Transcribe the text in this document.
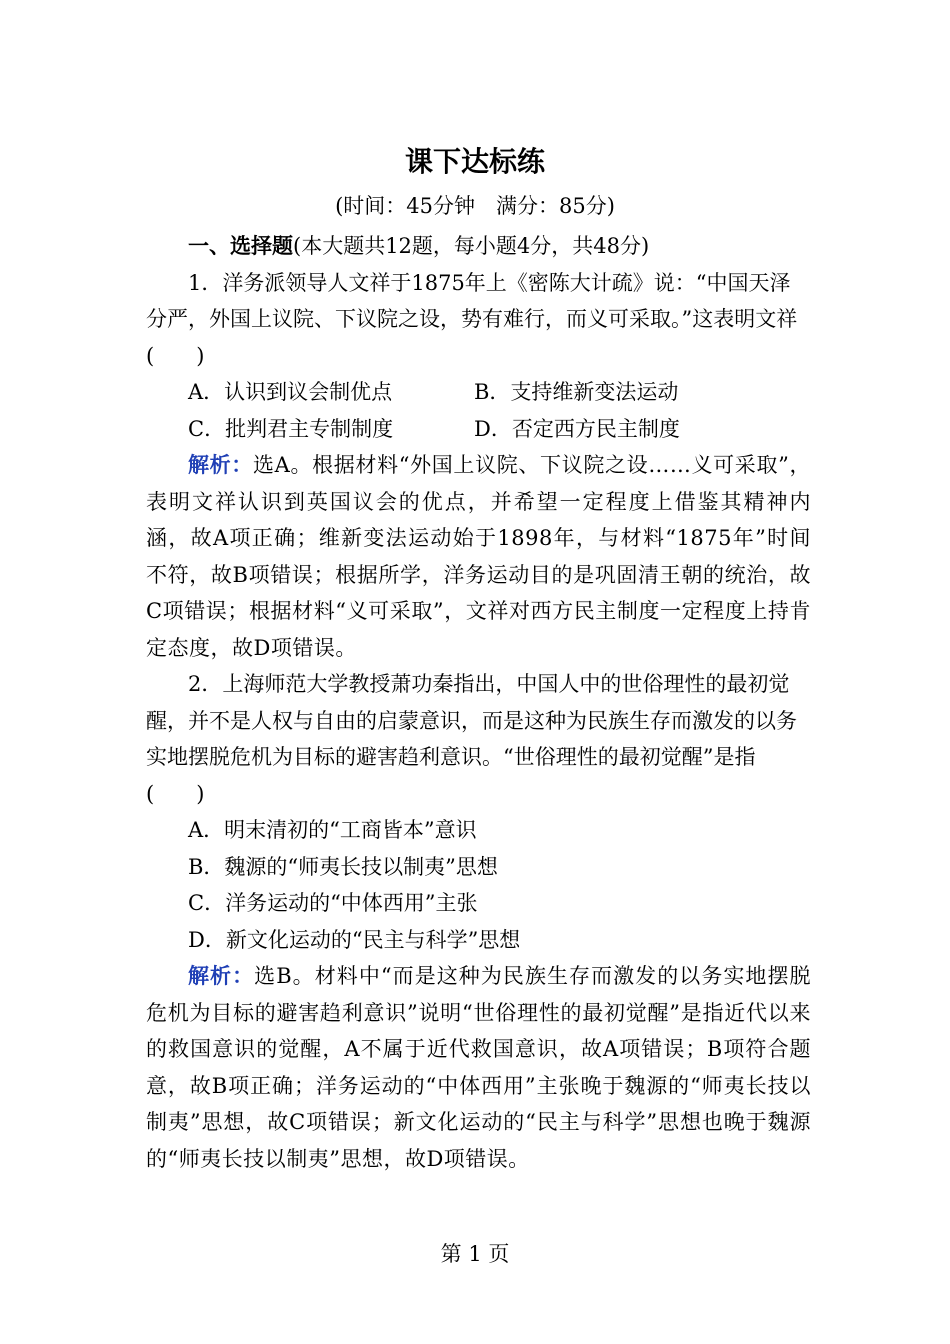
课下达标练
(时间：45分钟　满分：85分)

一、选择题(本大题共12题，每小题4分，共48分)

1．洋务派领导人文祥于1875年上《密陈大计疏》说：“中国天泽分严，外国上议院、下议院之设，势有难行，而义可采取。”这表明文祥(　　)

A．认识到议会制优点	B．支持维新变法运动
C．批判君主专制制度	D．否定西方民主制度

解析：选A。根据材料“外国上议院、下议院之设……义可采取”，表明文祥认识到英国议会的优点，并希望一定程度上借鉴其精神内涵，故A项正确；维新变法运动始于1898年，与材料“1875年”时间不符，故B项错误；根据所学，洋务运动目的是巩固清王朝的统治，故C项错误；根据材料“义可采取”，文祥对西方民主制度一定程度上持肯定态度，故D项错误。

2．上海师范大学教授萧功秦指出，中国人中的世俗理性的最初觉醒，并不是人权与自由的启蒙意识，而是这种为民族生存而激发的以务实地摆脱危机为目标的避害趋利意识。“世俗理性的最初觉醒”是指(　　)

A．明末清初的“工商皆本”意识

B．魏源的“师夷长技以制夷”思想

C．洋务运动的“中体西用”主张

D．新文化运动的“民主与科学”思想

解析：选B。材料中“而是这种为民族生存而激发的以务实地摆脱危机为目标的避害趋利意识”说明“世俗理性的最初觉醒”是指近代以来的救国意识的觉醒，A不属于近代救国意识，故A项错误；B项符合题意，故B项正确；洋务运动的“中体西用”主张晚于魏源的“师夷长技以制夷”思想，故C项错误；新文化运动的“民主与科学”思想也晚于魏源的“师夷长技以制夷”思想，故D项错误。

第 1 页
